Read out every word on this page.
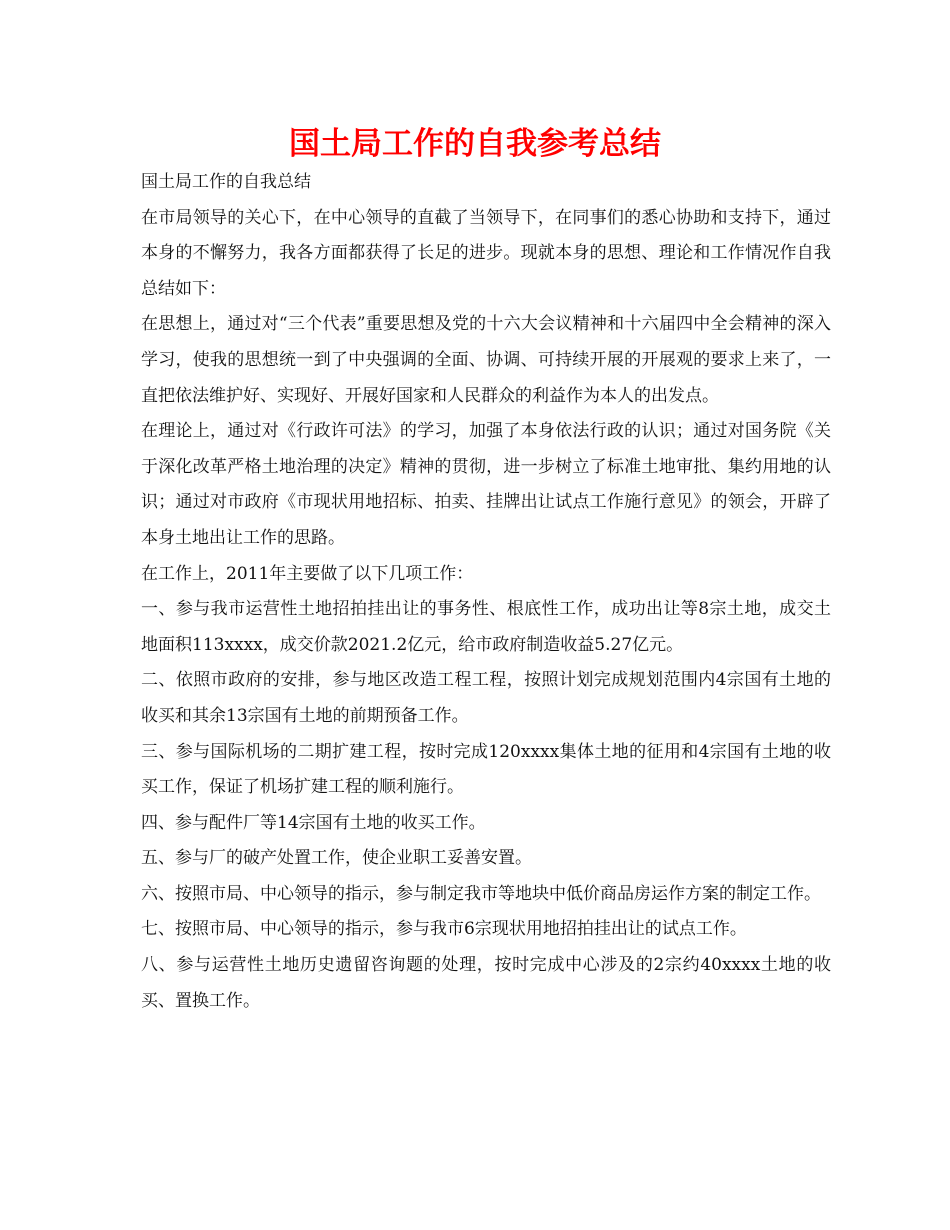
国土局工作的自我参考总结

国土局工作的自我总结

在市局领导的关心下，在中心领导的直截了当领导下，在同事们的悉心协助和支持下，通过本身的不懈努力，我各方面都获得了长足的进步。现就本身的思想、理论和工作情况作自我总结如下：

在思想上，通过对“三个代表”重要思想及党的十六大会议精神和十六届四中全会精神的深入学习，使我的思想统一到了中央强调的全面、协调、可持续开展的开展观的要求上来了，一直把依法维护好、实现好、开展好国家和人民群众的利益作为本人的出发点。

在理论上，通过对《行政许可法》的学习，加强了本身依法行政的认识；通过对国务院《关于深化改革严格土地治理的决定》精神的贯彻，进一步树立了标准土地审批、集约用地的认识；通过对市政府《市现状用地招标、拍卖、挂牌出让试点工作施行意见》的领会，开辟了本身土地出让工作的思路。

在工作上，2011年主要做了以下几项工作：

一、参与我市运营性土地招拍挂出让的事务性、根底性工作，成功出让等8宗土地，成交土地面积113xxxx，成交价款2021.2亿元，给市政府制造收益5.27亿元。

二、依照市政府的安排，参与地区改造工程工程，按照计划完成规划范围内4宗国有土地的收买和其余13宗国有土地的前期预备工作。

三、参与国际机场的二期扩建工程，按时完成120xxxx集体土地的征用和4宗国有土地的收买工作，保证了机场扩建工程的顺利施行。

四、参与配件厂等14宗国有土地的收买工作。

五、参与厂的破产处置工作，使企业职工妥善安置。

六、按照市局、中心领导的指示，参与制定我市等地块中低价商品房运作方案的制定工作。

七、按照市局、中心领导的指示，参与我市6宗现状用地招拍挂出让的试点工作。

八、参与运营性土地历史遗留咨询题的处理，按时完成中心涉及的2宗约40xxxx土地的收买、置换工作。
